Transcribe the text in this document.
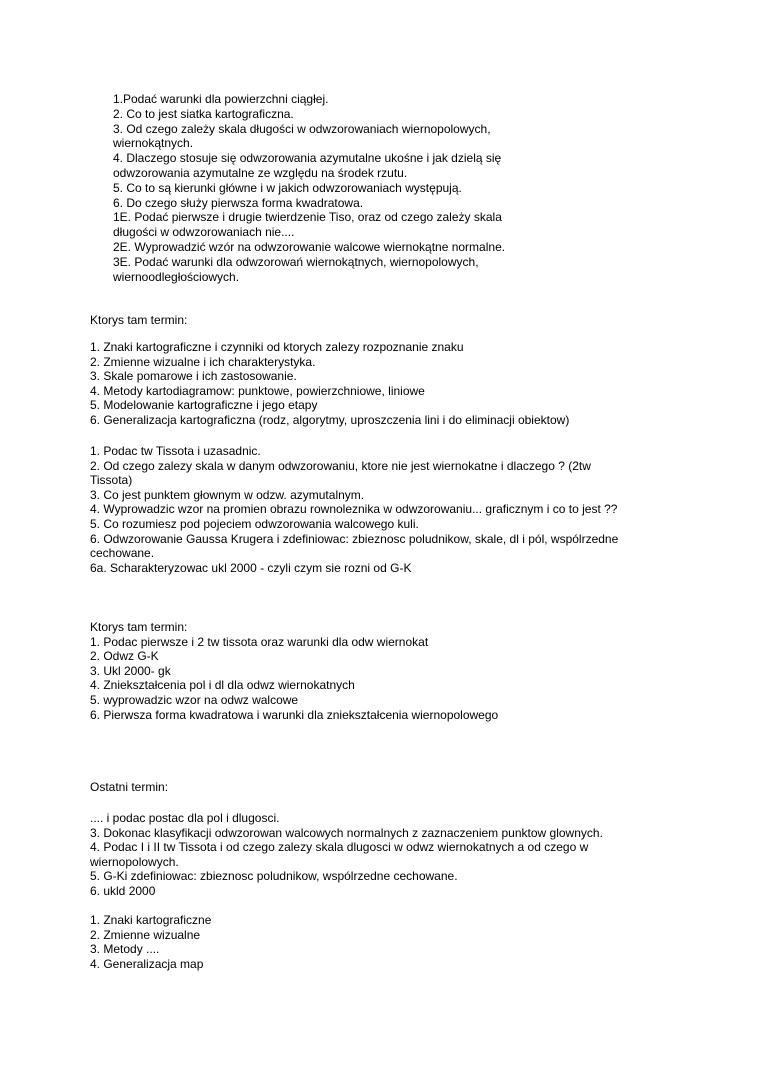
1.Podać warunki dla powierzchni ciągłej.
2. Co to jest siatka kartograficzna.
3. Od czego zależy skala długości w odwzorowaniach wiernopolowych,
wiernokątnych.
4. Dlaczego stosuje się odwzorowania azymutalne ukośne i jak dzielą się
odwzorowania azymutalne ze względu na środek rzutu.
5. Co to są kierunki główne i w jakich odwzorowaniach występują.
6. Do czego służy pierwsza forma kwadratowa.
1E. Podać pierwsze i drugie twierdzenie Tiso, oraz od czego zależy skala
długości w odwzorowaniach nie....
2E. Wyprowadzić wzór na odwzorowanie walcowe wiernokątne normalne.
3E. Podać warunki dla odwzorowań wiernokątnych, wiernopolowych,
wiernoodległościowych.
Ktorys tam termin:
1. Znaki kartograficzne i czynniki od ktorych zalezy rozpoznanie znaku
2. Zmienne wizualne i ich charakterystyka.
3. Skale pomarowe i ich zastosowanie.
4. Metody kartodiagramow: punktowe, powierzchniowe, liniowe
5. Modelowanie kartograficzne i jego etapy
6. Generalizacja kartograficzna (rodz, algorytmy, uproszczenia lini i do eliminacji obiektow)
1. Podac tw Tissota i uzasadnic.
2. Od czego zalezy skala w danym odwzorowaniu, ktore nie jest wiernokatne i dlaczego ? (2tw
Tissota)
3. Co jest punktem głownym w odzw. azymutalnym.
4. Wyprowadzic wzor na promien obrazu rownoleznika w odwzorowaniu... graficznym i co to jest ??
5. Co rozumiesz pod pojeciem odwzorowania walcowego kuli.
6. Odwzorowanie Gaussa Krugera i zdefiniowac: zbieznosc poludnikow, skale, dl i pól, wspólrzedne
cechowane.
6a. Scharakteryzowac ukl 2000 - czyli czym sie rozni od G-K
Ktorys tam termin:
1. Podac pierwsze i 2 tw tissota oraz warunki dla odw wiernokat
2. Odwz G-K
3. Ukl 2000- gk
4. Zniekształcenia pol i dl dla odwz wiernokatnych
5. wyprowadzic wzor na odwz walcowe
6. Pierwsza forma kwadratowa i warunki dla zniekształcenia wiernopolowego
Ostatni termin:
.... i podac postac dla pol i dlugosci.
3. Dokonac klasyfikacji odwzorowan walcowych normalnych z zaznaczeniem punktow glownych.
4. Podac I i II tw Tissota i od czego zalezy skala dlugosci w odwz wiernokatnych a od czego w
wiernopolowych.
5. G-Ki zdefiniowac: zbieznosc poludnikow, wspólrzedne cechowane.
6. ukld 2000
1. Znaki kartograficzne
2. Zmienne wizualne
3. Metody ....
4. Generalizacja map
